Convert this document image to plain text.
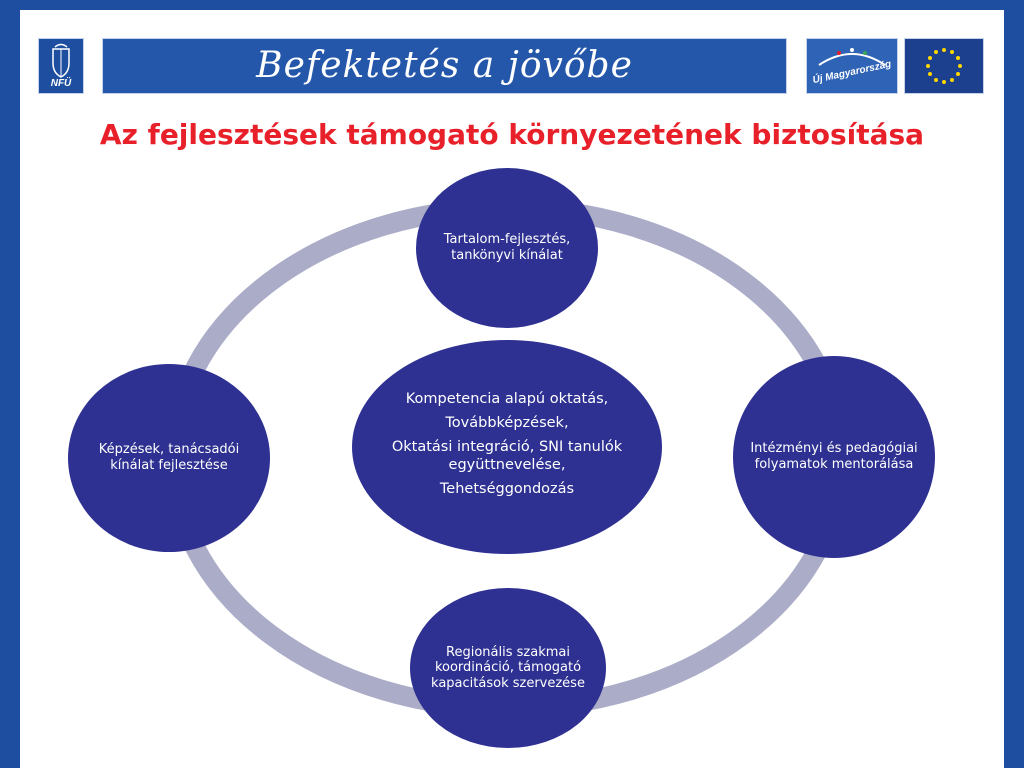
NFÜ	Befektetés a jövőbe	Új Magyarország
Az fejlesztések támogató környezetének biztosítása
Tartalom-fejlesztés, tankönyvi kínálat
Intézményi és pedagógiai folyamatok mentorálása
Regionális szakmai koordináció, támogató kapacitások szervezése
Képzések, tanácsadói kínálat fejlesztése
Kompetencia alapú oktatás,
Továbbképzések,
Oktatási integráció, SNI tanulók együttnevelése,
Tehetséggondozás
